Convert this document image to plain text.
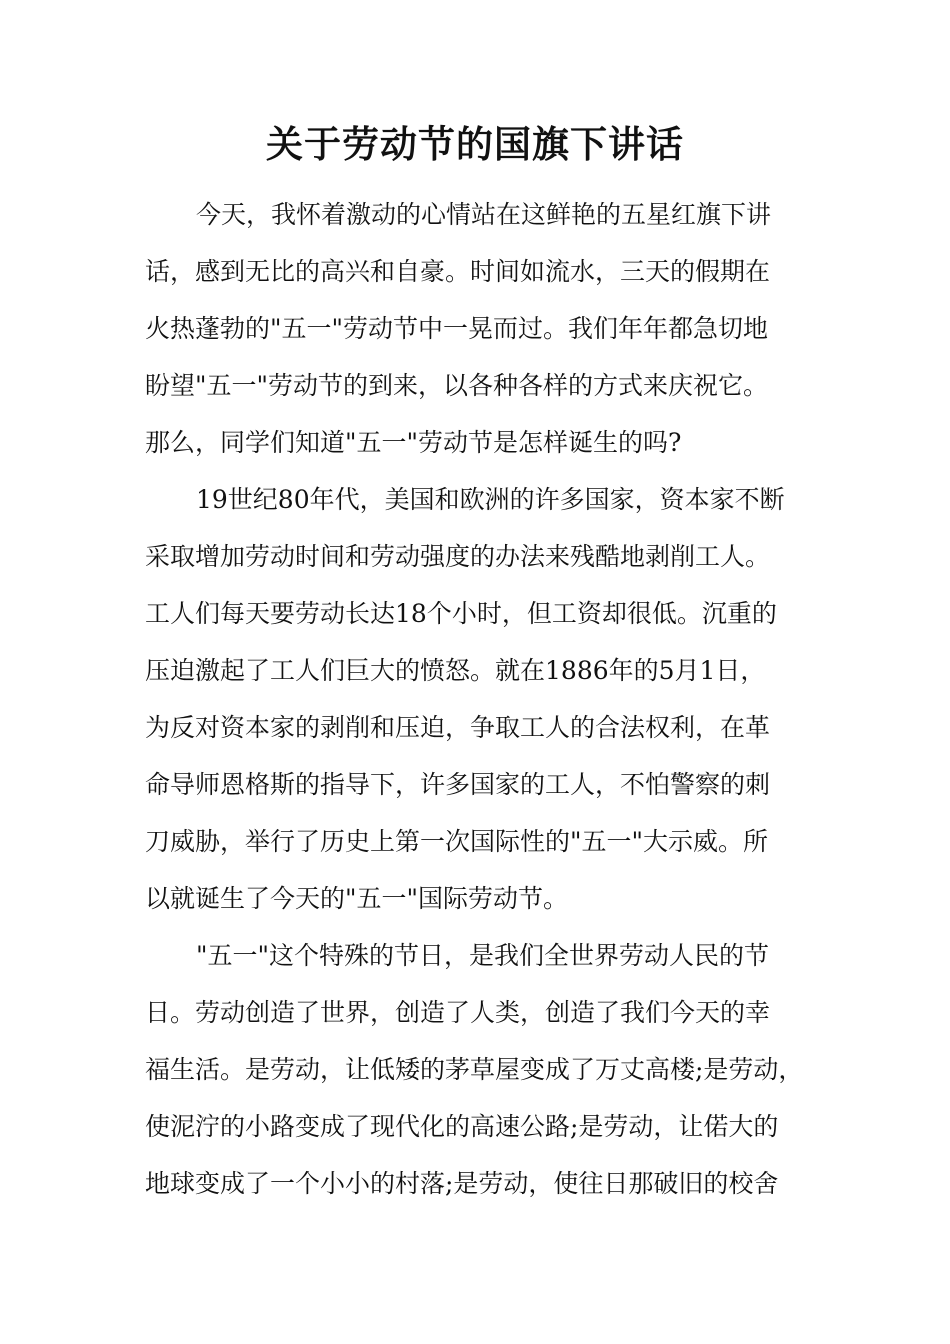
关于劳动节的国旗下讲话

今天，我怀着激动的心情站在这鲜艳的五星红旗下讲

话，感到无比的高兴和自豪。时间如流水，三天的假期在

火热蓬勃的"五一"劳动节中一晃而过。我们年年都急切地

盼望"五一"劳动节的到来，以各种各样的方式来庆祝它。

那么，同学们知道"五一"劳动节是怎样诞生的吗?

19世纪80年代，美国和欧洲的许多国家，资本家不断

采取增加劳动时间和劳动强度的办法来残酷地剥削工人。

工人们每天要劳动长达18个小时，但工资却很低。沉重的

压迫激起了工人们巨大的愤怒。就在1886年的5月1日，

为反对资本家的剥削和压迫，争取工人的合法权利，在革

命导师恩格斯的指导下，许多国家的工人，不怕警察的刺

刀威胁，举行了历史上第一次国际性的"五一"大示威。所

以就诞生了今天的"五一"国际劳动节。

"五一"这个特殊的节日，是我们全世界劳动人民的节

日。劳动创造了世界，创造了人类，创造了我们今天的幸

福生活。是劳动，让低矮的茅草屋变成了万丈高楼;是劳动，

使泥泞的小路变成了现代化的高速公路;是劳动，让偌大的

地球变成了一个小小的村落;是劳动，使往日那破旧的校舍
